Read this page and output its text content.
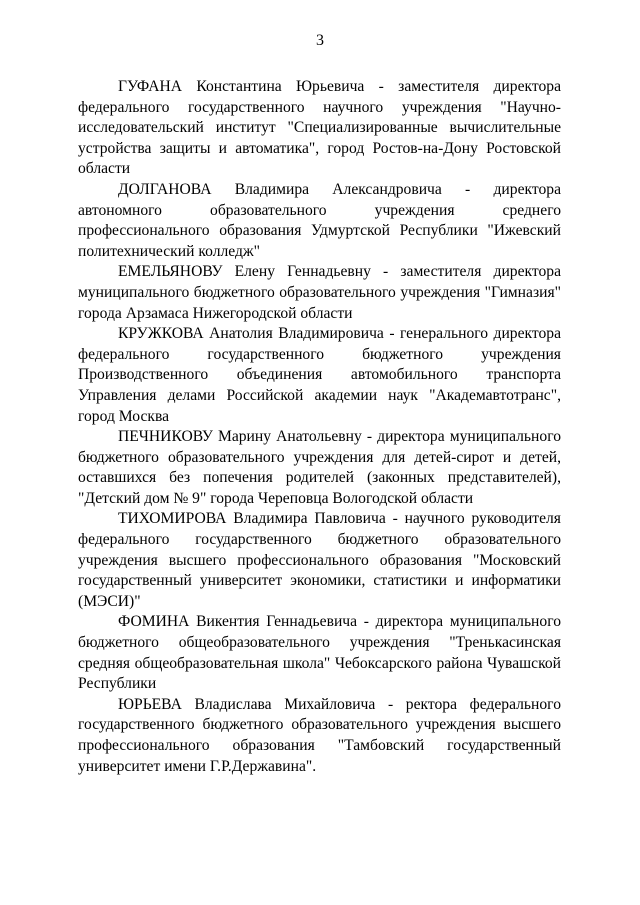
3

ГУФАНА Константина Юрьевича - заместителя директора федерального государственного научного учреждения "Научно-исследовательский институт "Специализированные вычислительные устройства защиты и автоматика", город Ростов-на-Дону Ростовской области

ДОЛГАНОВА Владимира Александровича - директора автономного образовательного учреждения среднего профессионального образования Удмуртской Республики "Ижевский политехнический колледж"

ЕМЕЛЬЯНОВУ Елену Геннадьевну - заместителя директора муниципального бюджетного образовательного учреждения "Гимназия" города Арзамаса Нижегородской области

КРУЖКОВА Анатолия Владимировича - генерального директора федерального государственного бюджетного учреждения Производственного объединения автомобильного транспорта Управления делами Российской академии наук "Академавтотранс", город Москва

ПЕЧНИКОВУ Марину Анатольевну - директора муниципального бюджетного образовательного учреждения для детей-сирот и детей, оставшихся без попечения родителей (законных представителей), "Детский дом № 9" города Череповца Вологодской области

ТИХОМИРОВА Владимира Павловича - научного руководителя федерального государственного бюджетного образовательного учреждения высшего профессионального образования "Московский государственный университет экономики, статистики и информатики (МЭСИ)"

ФОМИНА Викентия Геннадьевича - директора муниципального бюджетного общеобразовательного учреждения "Тренькасинская средняя общеобразовательная школа" Чебоксарского района Чувашской Республики

ЮРЬЕВА Владислава Михайловича - ректора федерального государственного бюджетного образовательного учреждения высшего профессионального образования "Тамбовский государственный университет имени Г.Р.Державина".
